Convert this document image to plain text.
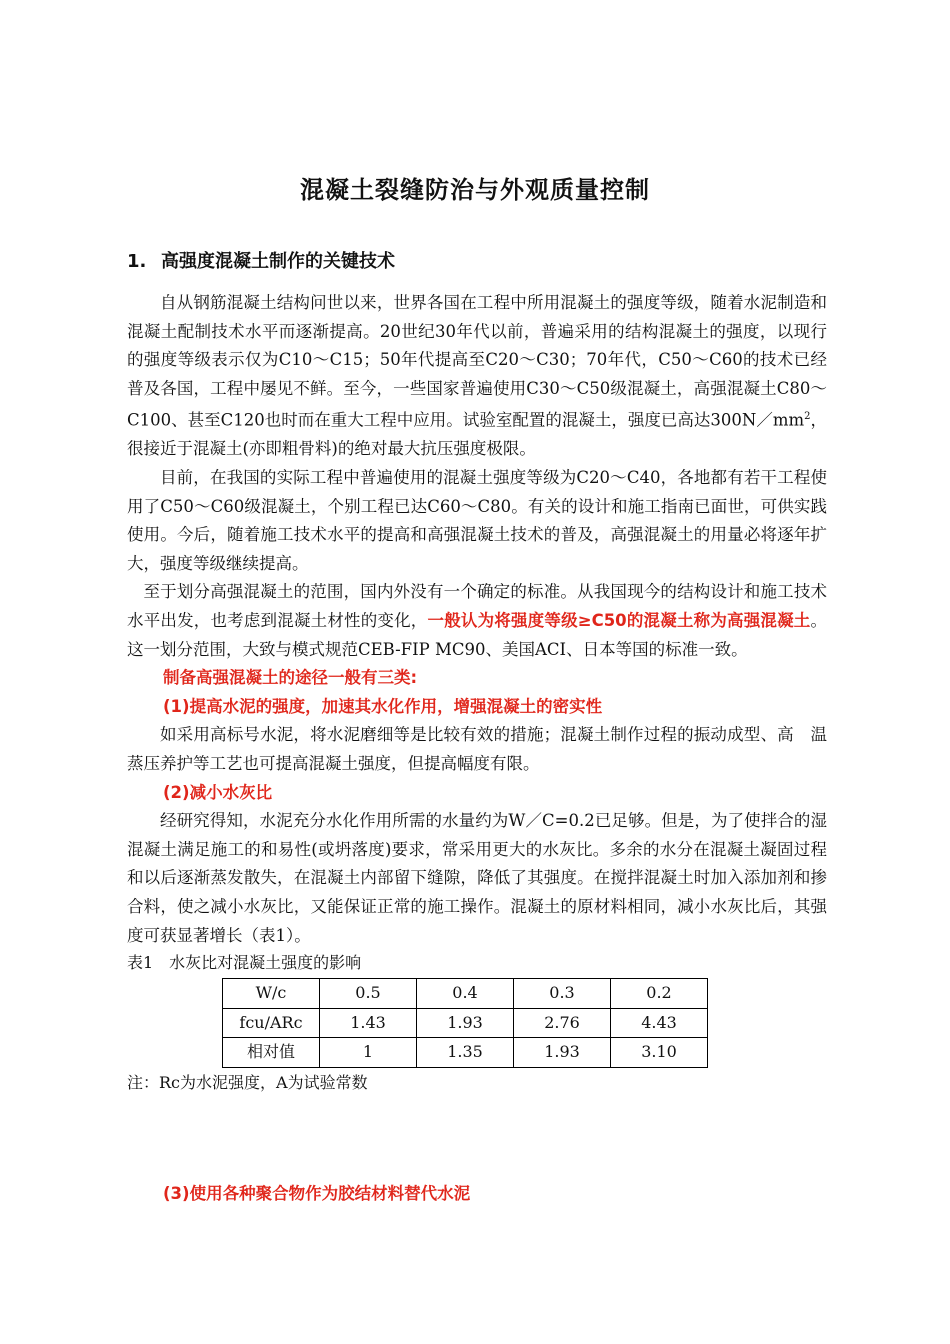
混凝土裂缝防治与外观质量控制
1. 高强度混凝土制作的关键技术

自从钢筋混凝土结构问世以来，世界各国在工程中所用混凝土的强度等级，随着水泥制造和混凝土配制技术水平而逐渐提高。20世纪30年代以前，普遍采用的结构混凝土的强度，以现行的强度等级表示仅为C10～C15；50年代提高至C20～C30；70年代，C50～C60的技术已经普及各国，工程中屡见不鲜。至今，一些国家普遍使用C30～C50级混凝土，高强混凝土C80～C100、甚至C120也时而在重大工程中应用。试验室配置的混凝土，强度已高达$300N/mm^2$，很接近于混凝土(亦即粗骨料)的绝对最大抗压强度极限。

目前，在我国的实际工程中普遍使用的混凝土强度等级为C20～C40，各地都有若干工程使用了C50～C60级混凝土，个别工程已达C60～C80。有关的设计和施工指南已面世，可供实践使用。今后，随着施工技术水平的提高和高强混凝土技术的普及，高强混凝土的用量必将逐年扩大，强度等级继续提高。

至于划分高强混凝土的范围，国内外没有一个确定的标准。从我国现今的结构设计和施工技术水平出发，也考虑到混凝土材性的变化，一般认为将强度等级≥C50的混凝土称为高强混凝土。这一划分范围，大致与模式规范CEB-FIP MC90、美国ACI、日本等国的标准一致。

制备高强混凝土的途径一般有三类:

(1)提高水泥的强度，加速其水化作用，增强混凝土的密实性

如采用高标号水泥，将水泥磨细等是比较有效的措施；混凝土制作过程的振动成型、高　温蒸压养护等工艺也可提高混凝土强度，但提高幅度有限。

(2)减小水灰比

经研究得知，水泥充分水化作用所需的水量约为W／C=0.2已足够。但是，为了使拌合的湿混凝土满足施工的和易性(或坍落度)要求，常采用更大的水灰比。多余的水分在混凝土凝固过程和以后逐渐蒸发散失，在混凝土内部留下缝隙，降低了其强度。在搅拌混凝土时加入添加剂和掺合料，使之减小水灰比，又能保证正常的施工操作。混凝土的原材料相同，减小水灰比后，其强度可获显著增长（表1）。

表1　水灰比对混凝土强度的影响

W/c	0.5	0.4	0.3	0.2
fcu/ARc	1.43	1.93	2.76	4.43
相对值	1	1.35	1.93	3.10

注：Rc为水泥强度，A为试验常数

(3)使用各种聚合物作为胶结材料替代水泥
